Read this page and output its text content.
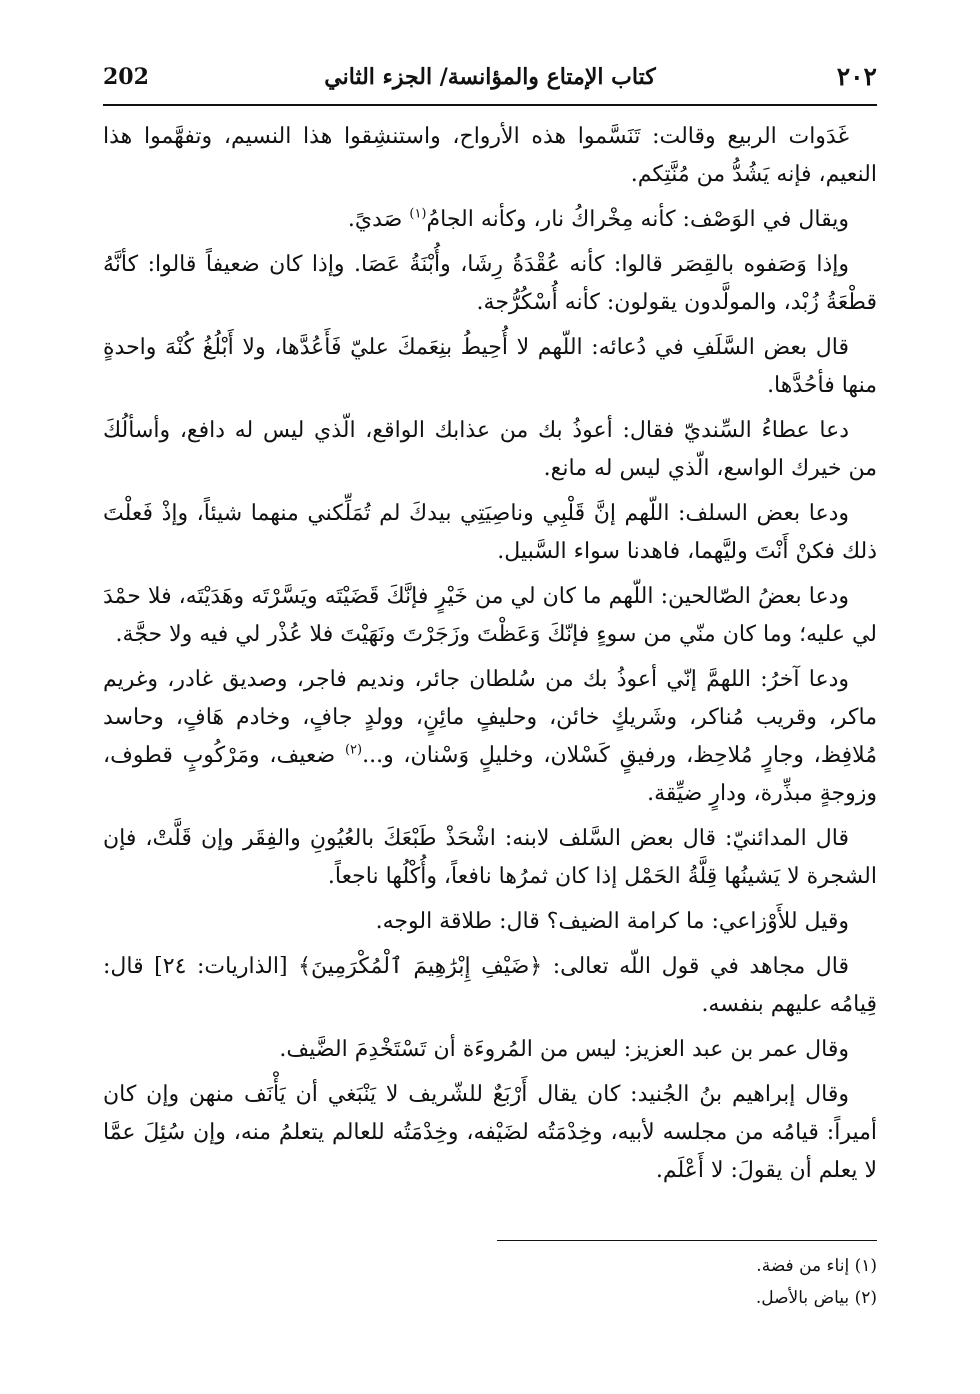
٢٠٢
كتاب الإمتاع والمؤانسة/ الجزء الثاني
202

غَدَوات الربيع وقالت: تَنَسَّموا هذه الأرواح، واستنشِقوا هذا النسيم، وتفهَّموا هذا النعيم، فإنه يَشُدُّ من مُنَّتِكم.

ويقال في الوَصْف: كأنه مِخْراكُ نار، وكأنه الجامُ$^{(١)}$ صَديً.

وإذا وَصَفوه بالقِصَر قالوا: كأنه عُقْدَةُ رِشَا، وأُبْنَةُ عَصَا. وإذا كان ضعيفاً قالوا: كأنَّهُ قطْعَةُ زُبْد، والمولَّدون يقولون: كأنه أُسْكُرُّجة.

قال بعض السَّلَفِ في دُعائه: اللّهم لا أُحِيطُ بنِعَمكَ عليّ فَأَعُدَّها، ولا أَبْلُغُ كُنْهَ واحدةٍ منها فأحُدَّها.

دعا عطاءُ السِّنديّ فقال: أعوذُ بك من عذابك الواقع، الّذي ليس له دافع، وأسألُكَ من خيرك الواسع، الّذي ليس له مانع.

ودعا بعض السلف: اللّهم إنَّ قَلْبِي وناصِيَتِي بيدكَ لم تُمَلِّكني منهما شيئاً، وإذْ فَعلْتَ ذلك فكنْ أَنْتَ وليَّهما، فاهدنا سواء السَّبيل.

ودعا بعضُ الصّالحين: اللّهم ما كان لي من خَيْرٍ فإنَّكَ قَضَيْتَه ويَسَّرْتَه وهَدَيْتَه، فلا حمْدَ لي عليه؛ وما كان منّي من سوءٍ فإنّكَ وَعَظْتَ وزَجَرْتَ ونَهَيْتَ فلا عُذْر لي فيه ولا حجَّة.

ودعا آخرُ: اللهمَّ إنّي أعوذُ بك من سُلطان جائر، ونديم فاجر، وصديق غادر، وغريم ماكر، وقريب مُناكر، وشَريكٍ خائن، وحليفٍ مائِنٍ، وولدٍ جافٍ، وخادم هَافٍ، وحاسد مُلافِظ، وجارٍ مُلاحِظ، ورفيقٍ كَسْلان، وخليلٍ وَسْنان، و...$^{(٢)}$ ضعيف، ومَرْكُوبٍ قطوف، وزوجةٍ مبذِّرة، ودارٍ ضيِّقة.

قال المدائنيّ: قال بعض السَّلف لابنه: اشْحَذْ طَبْعَكَ بالعُيُونِ والفِقَر وإن قَلَّتْ، فإن الشجرة لا يَشينُها قِلَّةُ الحَمْل إذا كان ثمرُها نافعاً، وأُكْلُها ناجعاً.

وقيل للأَوْزاعي: ما كرامة الضيف؟ قال: طلاقة الوجه.

قال مجاهد في قول اللّه تعالى: ﴿ضَيْفِ إِبْرَٰهِيمَ ٱلْمُكْرَمِينَ﴾ [الذاريات: ٢٤] قال: قِيامُه عليهم بنفسه.

وقال عمر بن عبد العزيز: ليس من المُروءَة أن تَسْتَخْدِمَ الضَّيف.

وقال إبراهيم بنُ الجُنيد: كان يقال أَرْبَعٌ للشّريف لا يَنْبَغي أن يَأْنَف منهن وإن كان أميراً: قيامُه من مجلسه لأبيه، وخِدْمَتُه لضَيْفه، وخِدْمَتُه للعالم يتعلمُ منه، وإن سُئِلَ عمَّا لا يعلم أن يقولَ: لا أَعْلَم.

(١) إناء من فضة.

(٢) بياض بالأصل.
